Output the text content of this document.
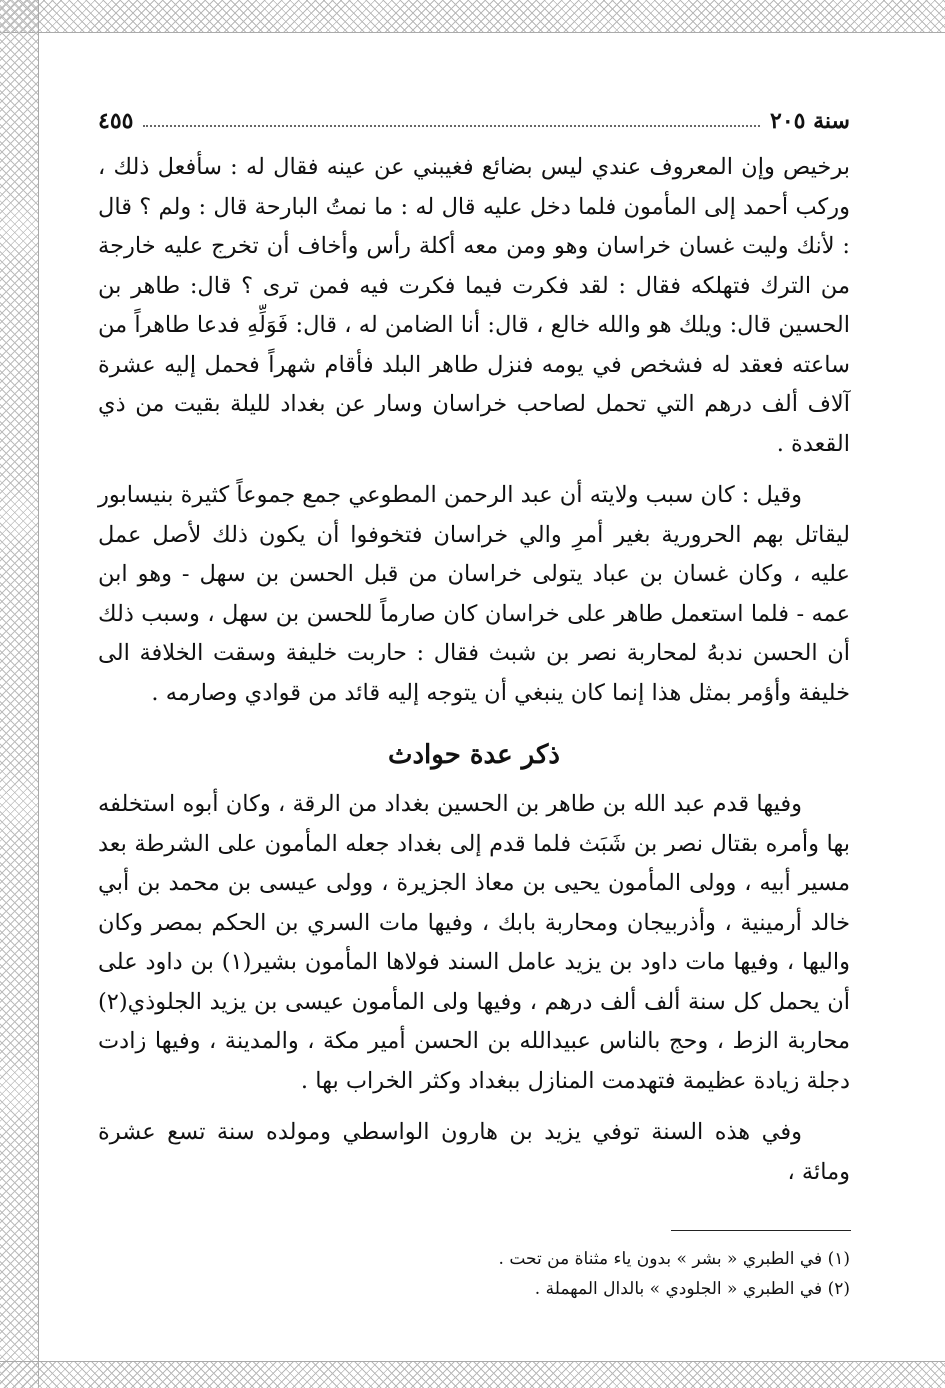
سنة ٢٠٥
٤٥٥

برخيص وإن المعروف عندي ليس بضائع فغيبني عن عينه فقال له : سأفعل ذلك ، وركب أحمد إلى المأمون فلما دخل عليه قال له : ما نمتُ البارحة قال : ولم ؟ قال : لأنك وليت غسان خراسان وهو ومن معه أكلة رأس وأخاف أن تخرج عليه خارجة من الترك فتهلكه فقال : لقد فكرت فيما فكرت فيه فمن ترى ؟ قال: طاهر بن الحسين قال: ويلك هو والله خالع ، قال: أنا الضامن له ، قال: فَوَلِّهِ فدعا طاهراً من ساعته فعقد له فشخص في يومه فنزل طاهر البلد فأقام شهراً فحمل إليه عشرة آلاف ألف درهم التي تحمل لصاحب خراسان وسار عن بغداد لليلة بقيت من ذي القعدة .

وقيل : كان سبب ولايته أن عبد الرحمن المطوعي جمع جموعاً كثيرة بنيسابور ليقاتل بهم الحرورية بغير أمرِ والي خراسان فتخوفوا أن يكون ذلك لأصل عمل عليه ، وكان غسان بن عباد يتولى خراسان من قبل الحسن بن سهل - وهو ابن عمه - فلما استعمل طاهر على خراسان كان صارماً للحسن بن سهل ، وسبب ذلك أن الحسن ندبهُ لمحاربة نصر بن شبث فقال : حاربت خليفة وسقت الخلافة الى خليفة وأؤمر بمثل هذا إنما كان ينبغي أن يتوجه إليه قائد من قوادي وصارمه .

ذكر عدة حوادث

وفيها قدم عبد الله بن طاهر بن الحسين بغداد من الرقة ، وكان أبوه استخلفه بها وأمره بقتال نصر بن شَبَث فلما قدم إلى بغداد جعله المأمون على الشرطة بعد مسير أبيه ، وولى المأمون يحيى بن معاذ الجزيرة ، وولى عيسى بن محمد بن أبي خالد أرمينية ، وأذربيجان ومحاربة بابك ، وفيها مات السري بن الحكم بمصر وكان واليها ، وفيها مات داود بن يزيد عامل السند فولاها المأمون بشير(١) بن داود على أن يحمل كل سنة ألف ألف درهم ، وفيها ولى المأمون عيسى بن يزيد الجلوذي(٢) محاربة الزط ، وحج بالناس عبيدالله بن الحسن أمير مكة ، والمدينة ، وفيها زادت دجلة زيادة عظيمة فتهدمت المنازل ببغداد وكثر الخراب بها .

وفي هذه السنة توفي يزيد بن هارون الواسطي ومولده سنة تسع عشرة ومائة ،

(١) في الطبري « بشر » بدون ياء مثناة من تحت .

(٢) في الطبري « الجلودي » بالدال المهملة .
